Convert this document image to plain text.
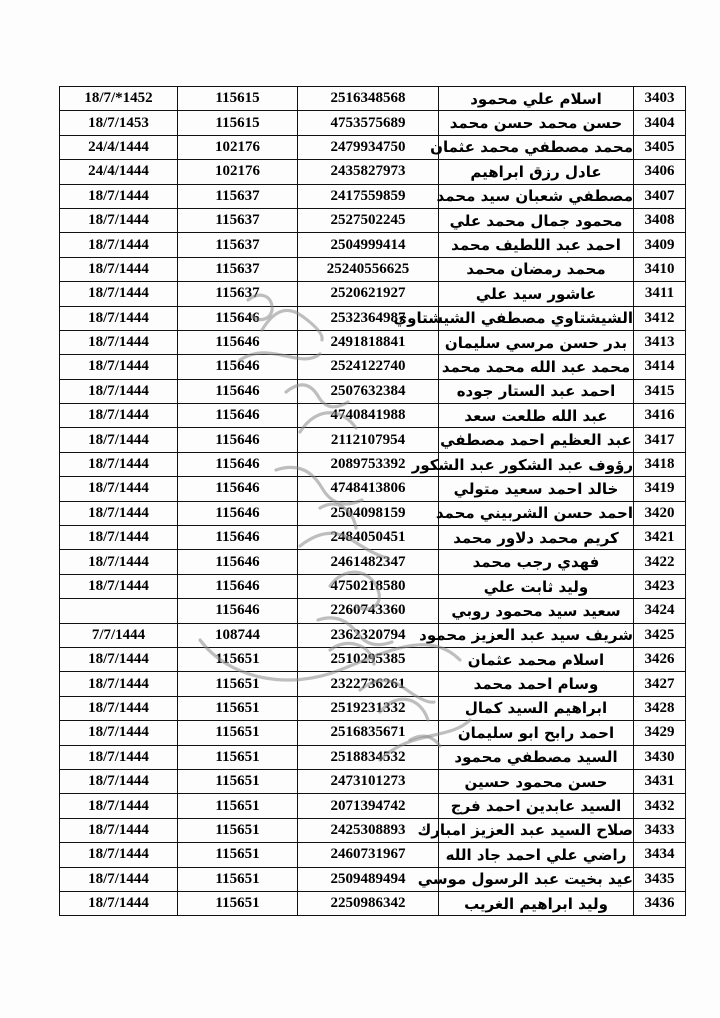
18/7/*1452	115615	2516348568	اسلام علي محمود	3403
18/7/1453	115615	4753575689	حسن محمد حسن محمد	3404
24/4/1444	102176	2479934750	محمد مصطفي محمد عثمان	3405
24/4/1444	102176	2435827973	عادل رزق ابراهيم	3406
18/7/1444	115637	2417559859	مصطفي شعبان سيد محمد	3407
18/7/1444	115637	2527502245	محمود جمال محمد علي	3408
18/7/1444	115637	2504999414	احمد عبد اللطيف محمد	3409
18/7/1444	115637	25240556625	محمد رمضان محمد	3410
18/7/1444	115637	2520621927	عاشور سيد علي	3411
18/7/1444	115646	2532364987	الشيشتاوي مصطفي الشيشتاوي	3412
18/7/1444	115646	2491818841	بدر حسن مرسي سليمان	3413
18/7/1444	115646	2524122740	محمد عبد الله محمد محمد	3414
18/7/1444	115646	2507632384	احمد عبد الستار جوده	3415
18/7/1444	115646	4740841988	عبد الله طلعت سعد	3416
18/7/1444	115646	2112107954	عبد العظيم احمد مصطفي	3417
18/7/1444	115646	2089753392	رؤوف عبد الشكور عبد الشكور	3418
18/7/1444	115646	4748413806	خالد احمد سعيد متولي	3419
18/7/1444	115646	2504098159	احمد حسن الشربيني محمد	3420
18/7/1444	115646	2484050451	كريم محمد دلاور محمد	3421
18/7/1444	115646	2461482347	فهدي رجب محمد	3422
18/7/1444	115646	4750218580	وليد ثابت علي	3423
	115646	2260743360	سعيد سيد محمود روبي	3424
7/7/1444	108744	2362320794	شريف سيد عبد العزيز محمود	3425
18/7/1444	115651	2510295385	اسلام محمد عثمان	3426
18/7/1444	115651	2322736261	وسام احمد محمد	3427
18/7/1444	115651	2519231332	ابراهيم السيد كمال	3428
18/7/1444	115651	2516835671	احمد رابح ابو سليمان	3429
18/7/1444	115651	2518834532	السيد مصطفي محمود	3430
18/7/1444	115651	2473101273	حسن محمود حسين	3431
18/7/1444	115651	2071394742	السيد عابدين احمد فرج	3432
18/7/1444	115651	2425308893	صلاح السيد عبد العزيز امبارك	3433
18/7/1444	115651	2460731967	راضي علي احمد جاد الله	3434
18/7/1444	115651	2509489494	عيد بخيت عبد الرسول موسي	3435
18/7/1444	115651	2250986342	وليد ابراهيم الغريب	3436
